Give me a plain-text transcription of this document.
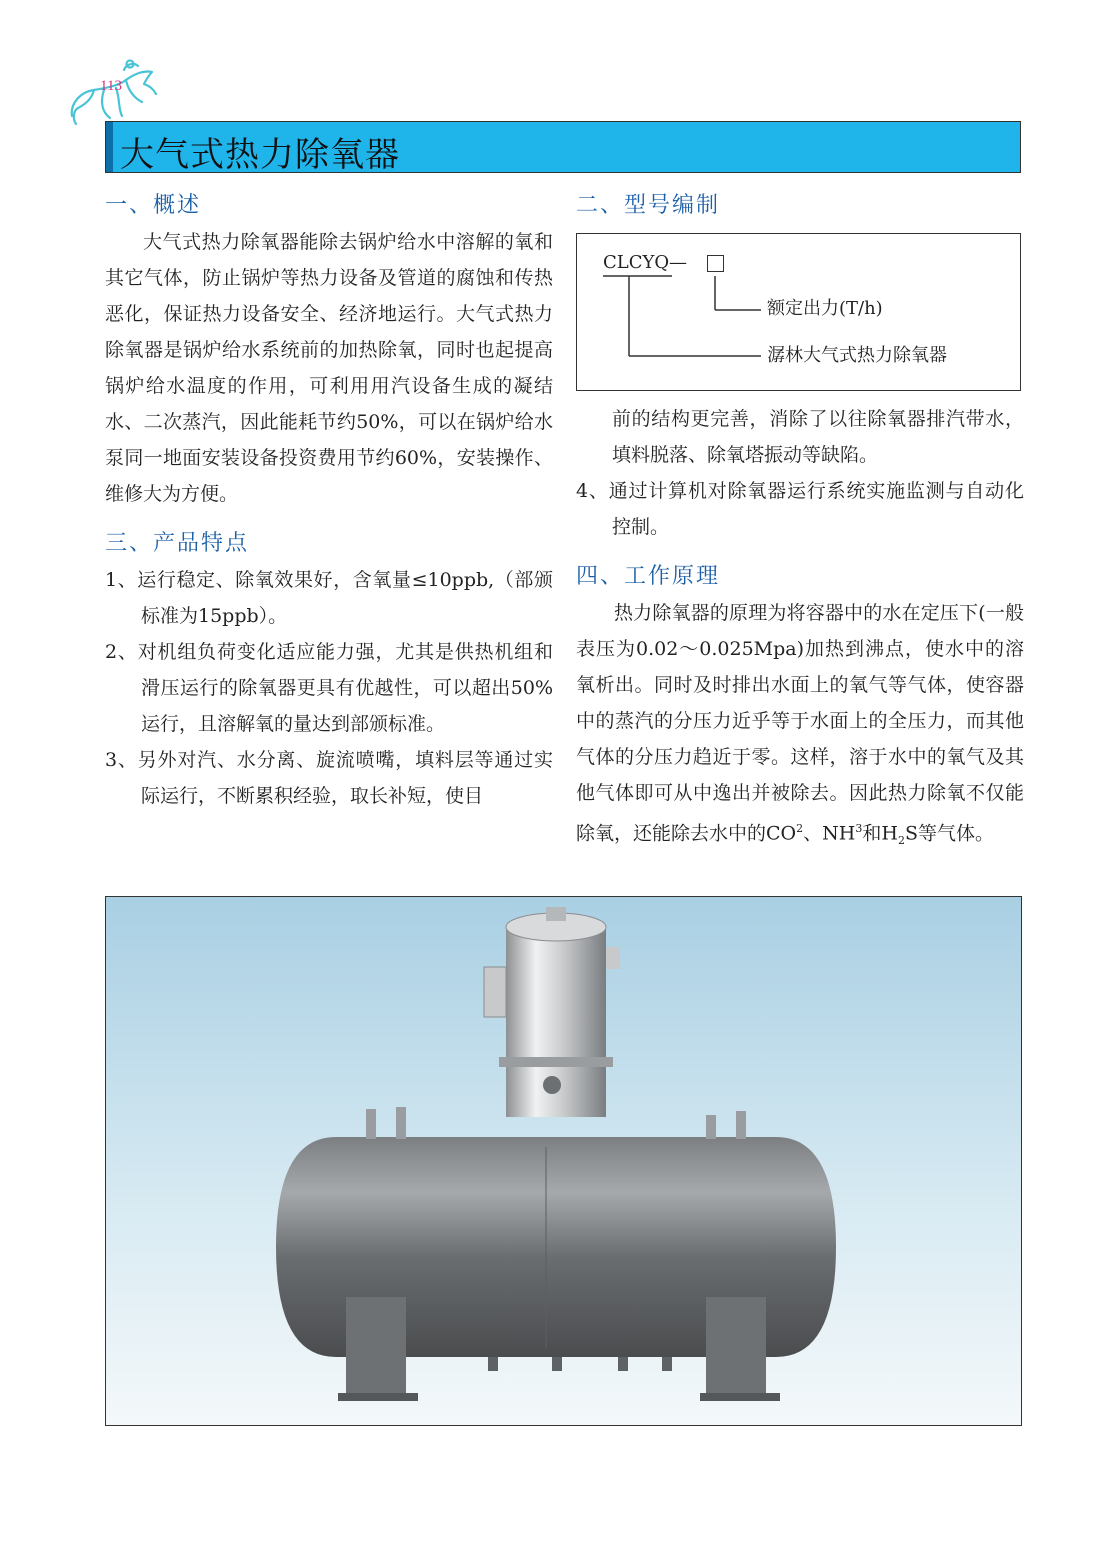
113
大气式热力除氧器
一、概述

大气式热力除氧器能除去锅炉给水中溶解的氧和其它气体，防止锅炉等热力设备及管道的腐蚀和传热恶化，保证热力设备安全、经济地运行。大气式热力除氧器是锅炉给水系统前的加热除氧，同时也起提高锅炉给水温度的作用，可利用用汽设备生成的凝结水、二次蒸汽，因此能耗节约50%，可以在锅炉给水泵同一地面安装设备投资费用节约60%，安装操作、维修大为方便。

三、产品特点
1、运行稳定、除氧效果好，含氧量≤10ppb,（部颁标准为15ppb）。
2、对机组负荷变化适应能力强，尤其是供热机组和滑压运行的除氧器更具有优越性，可以超出50%运行，且溶解氧的量达到部颁标准。
3、另外对汽、水分离、旋流喷嘴，填料层等通过实际运行，不断累积经验，取长补短，使目
二、型号编制
CLCYQ —
额定出力(T/h)
潺林大气式热力除氧器

前的结构更完善，消除了以往除氧器排汽带水，填料脱落、除氧塔振动等缺陷。

4、通过计算机对除氧器运行系统实施监测与自动化控制。
四、工作原理

热力除氧器的原理为将容器中的水在定压下(一般表压为0.02～0.025Mpa)加热到沸点，使水中的溶氧析出。同时及时排出水面上的氧气等气体，使容器中的蒸汽的分压力近乎等于水面上的全压力，而其他气体的分压力趋近于零。这样，溶于水中的氧气及其他气体即可从中逸出并被除去。因此热力除氧不仅能除氧，还能除去水中的$CO^2$、$NH^3$和$H_2S$等气体。
